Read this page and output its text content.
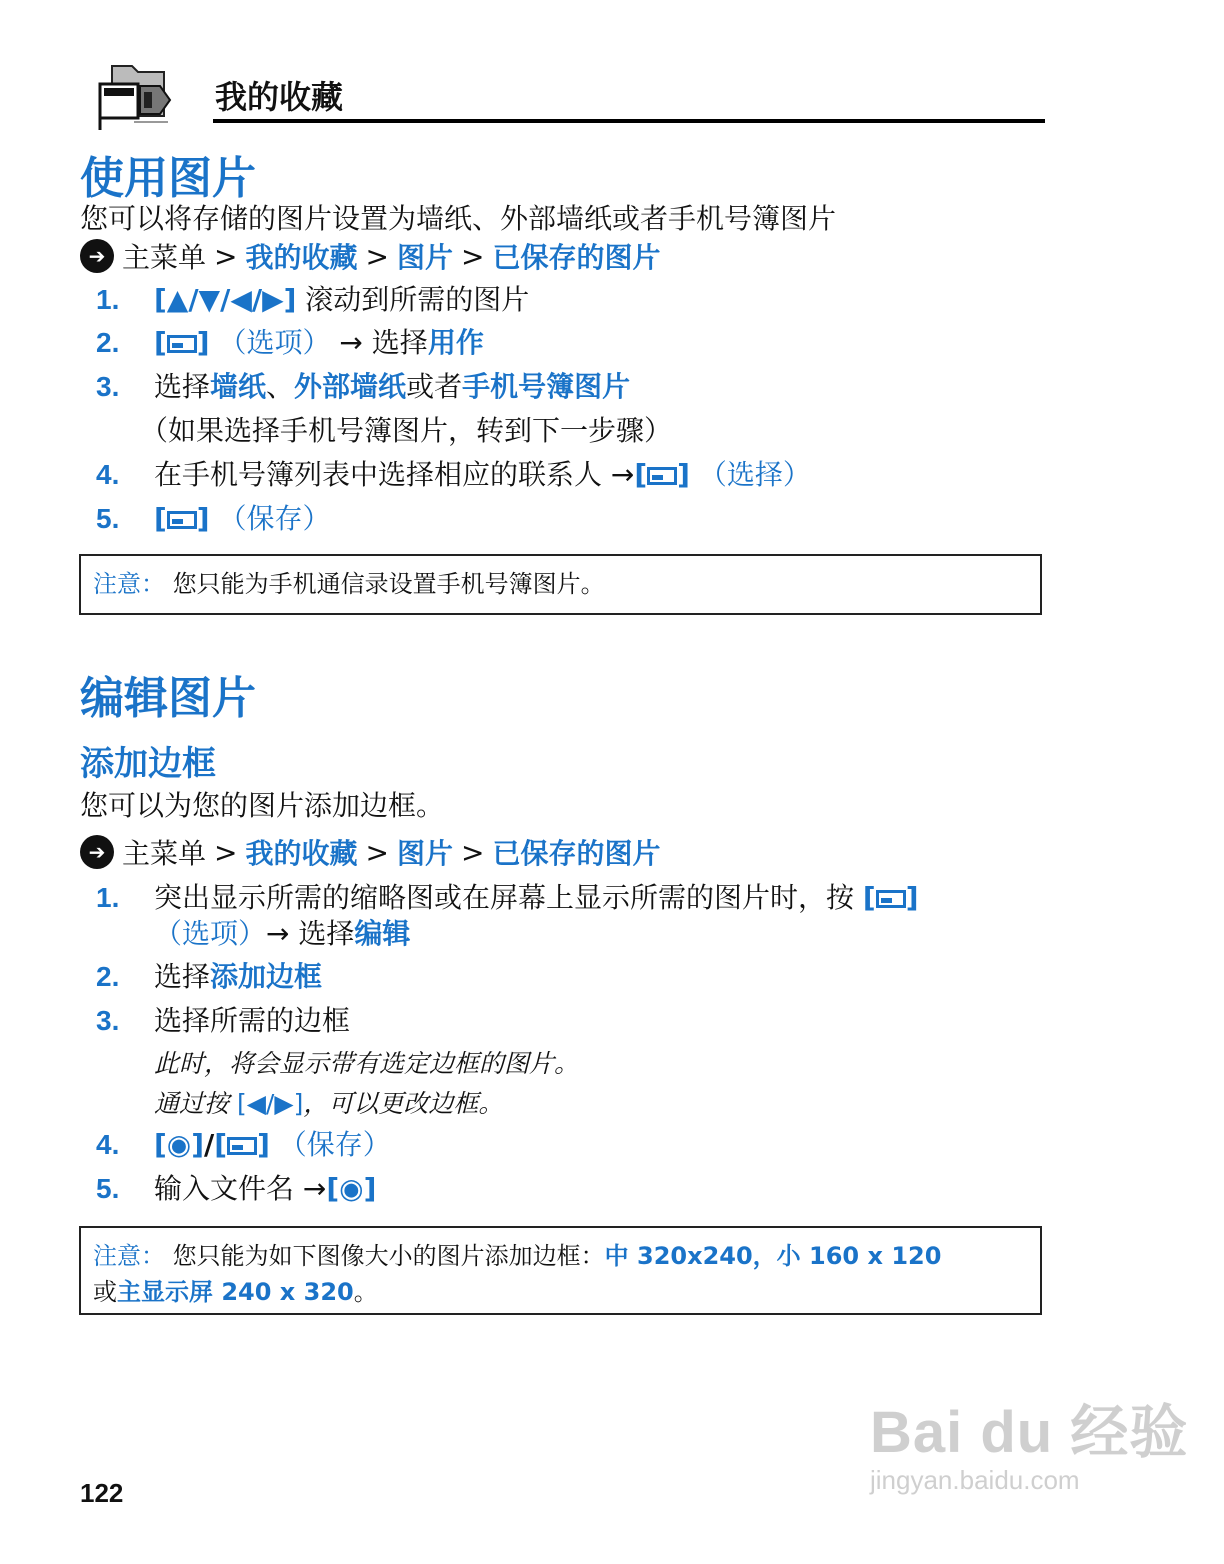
我的收藏
使用图片
您可以将存储的图片设置为墙纸、外部墙纸或者手机号簿图片
➔ 主菜单 > 我的收藏 > 图片 > 已保存的图片
1. [▲/▼/◀/▶] 滚动到所需的图片
2. [ ] （选项） → 选择用作
3. 选择墙纸、外部墙纸或者手机号簿图片
（如果选择手机号簿图片，转到下一步骤）
4. 在手机号簿列表中选择相应的联系人 →[ ] （选择）
5. [ ] （保存）
注意： 您只能为手机通信录设置手机号簿图片。
编辑图片
添加边框
您可以为您的图片添加边框。
➔ 主菜单 > 我的收藏 > 图片 > 已保存的图片
1. 突出显示所需的缩略图或在屏幕上显示所需的图片时，按 [ ]
（选项）→ 选择编辑
2. 选择添加边框
3. 选择所需的边框
此时，将会显示带有选定边框的图片。
通过按 [◀/▶]，可以更改边框。
4. [◉]/[ ] （保存）
5. 输入文件名 →[◉]
注意： 您只能为如下图像大小的图片添加边框：中 320x240，小 160 x 120
或主显示屏 240 x 320。
122
Bai du 经验
jingyan.baidu.com
